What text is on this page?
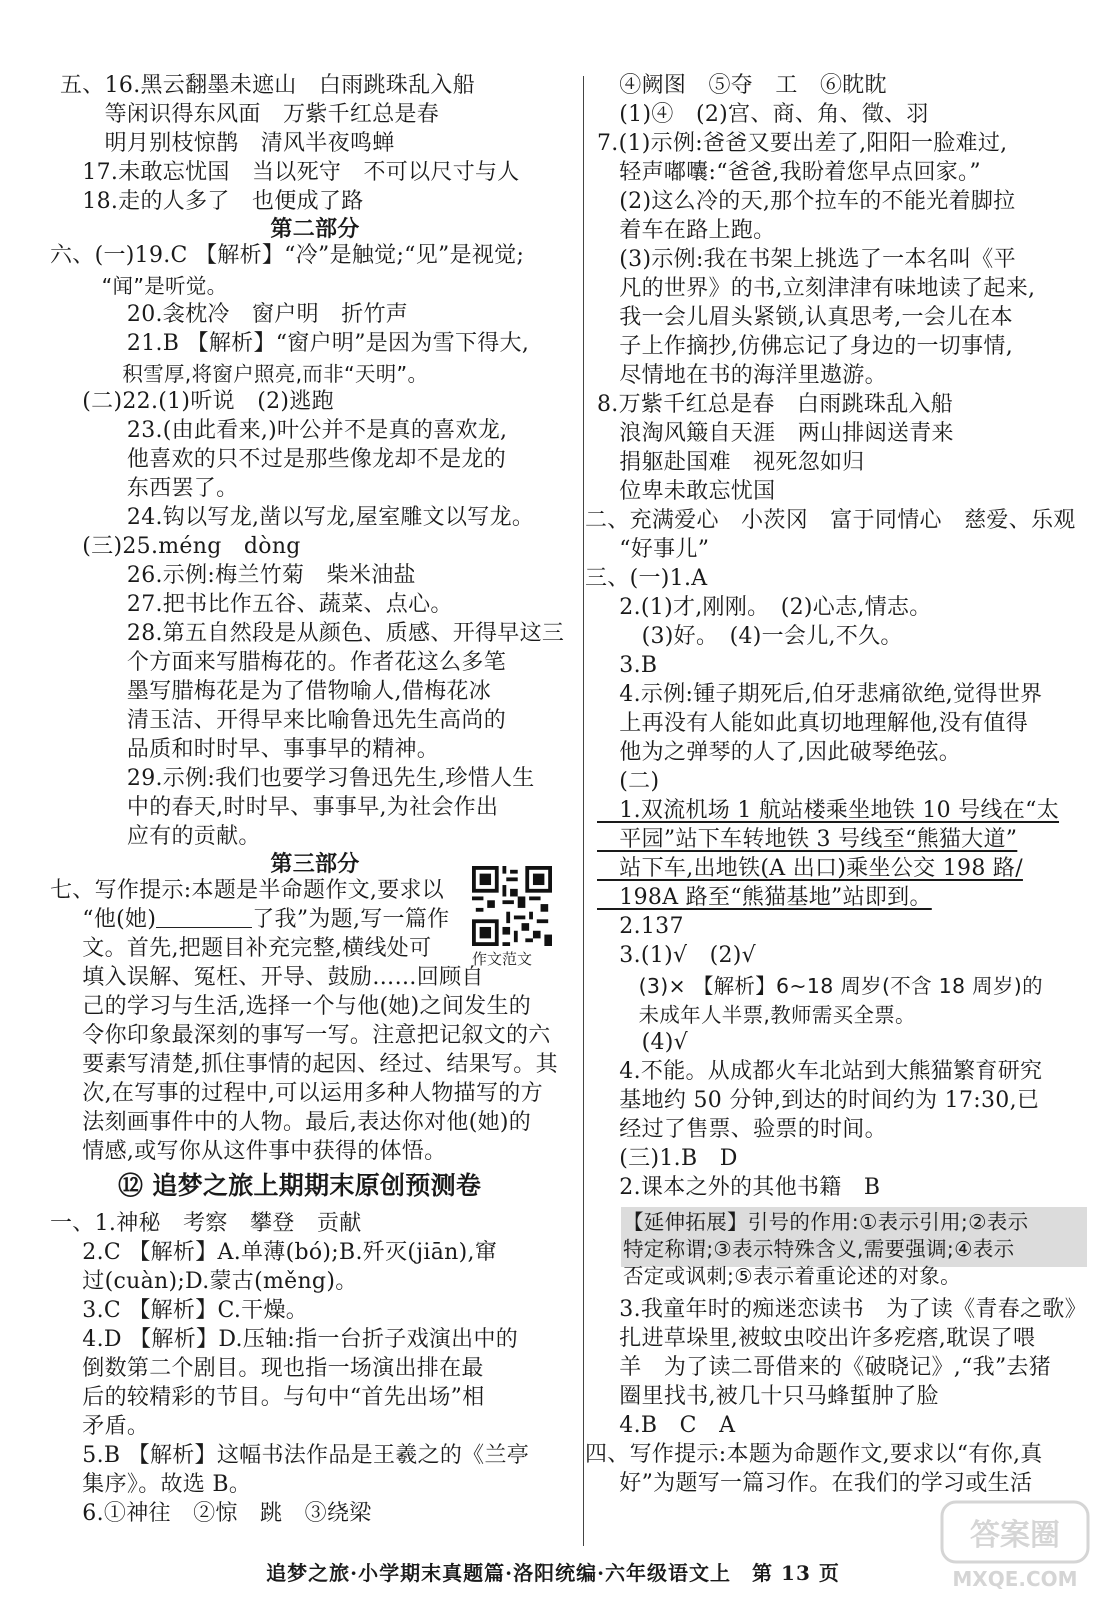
五、16.黑云翻墨未遮山　白雨跳珠乱入船
　　等闲识得东风面　万紫千红总是春
　　明月别枝惊鹊　清风半夜鸣蝉
　17.未敢忘忧国　当以死守　不可以尺寸与人
　18.走的人多了　也便成了路
第二部分
六、(一)19.C 【解析】“冷”是触觉;“见”是视觉;
　　“闻”是听觉。
　　　20.衾枕冷　窗户明　折竹声
　　　21.B 【解析】“窗户明”是因为雪下得大,
　　　积雪厚,将窗户照亮,而非“天明”。
　(二)22.(1)听说　(2)逃跑
　　　23.(由此看来,)叶公并不是真的喜欢龙,
　　　他喜欢的只不过是那些像龙却不是龙的
　　　东西罢了。
　　　24.钩以写龙,凿以写龙,屋室雕文以写龙。
　(三)25.méng　dòng
　　　26.示例:梅兰竹菊　柴米油盐
　　　27.把书比作五谷、蔬菜、点心。
　　　28.第五自然段是从颜色、质感、开得早这三
　　　个方面来写腊梅花的。作者花这么多笔
　　　墨写腊梅花是为了借物喻人,借梅花冰
　　　清玉洁、开得早来比喻鲁迅先生高尚的
　　　品质和时时早、事事早的精神。
　　　29.示例:我们也要学习鲁迅先生,珍惜人生
　　　中的春天,时时早、事事早,为社会作出
　　　应有的贡献。
第三部分
七、写作提示:本题是半命题作文,要求以
　“他(她)	了我”为题,写一篇作
　文。首先,把题目补充完整,横线处可
　填入误解、冤枉、开导、鼓励……回顾自
　己的学习与生活,选择一个与他(她)之间发生的
　令你印象最深刻的事写一写。注意把记叙文的六
　要素写清楚,抓住事情的起因、经过、结果写。其
　次,在写事的过程中,可以运用多种人物描写的方
　法刻画事件中的人物。最后,表达你对他(她)的
　情感,或写你从这件事中获得的体悟。
⑫ 追梦之旅上期期末原创预测卷
一、1.神秘　考察　攀登　贡献
　2.C 【解析】A.单薄(bó);B.歼灭(jiān),窜
　过(cuàn);D.蒙古(měng)。
　3.C 【解析】C.干燥。
　4.D 【解析】D.压轴:指一台折子戏演出中的
　倒数第二个剧目。现也指一场演出排在最
　后的较精彩的节目。与句中“首先出场”相
　矛盾。
　5.B 【解析】这幅书法作品是王羲之的《兰亭
　集序》。故选 B。
　6.①神往　②惊　跳　③绕梁
作文范文
　④阙图　⑤夺　工　⑥眈眈
　(1)④　(2)宫、商、角、徵、羽
7.(1)示例:爸爸又要出差了,阳阳一脸难过,
　轻声嘟囔:“爸爸,我盼着您早点回家。”
　(2)这么冷的天,那个拉车的不能光着脚拉
　着车在路上跑。
　(3)示例:我在书架上挑选了一本名叫《平
　凡的世界》的书,立刻津津有味地读了起来,
　我一会儿眉头紧锁,认真思考,一会儿在本
　子上作摘抄,仿佛忘记了身边的一切事情,
　尽情地在书的海洋里遨游。
8.万紫千红总是春　白雨跳珠乱入船
　浪淘风簸自天涯　两山排闼送青来
　捐躯赴国难　视死忽如归
　位卑未敢忘忧国
二、充满爱心　小茨冈　富于同情心　慈爱、乐观
　“好事儿”
三、(一)1.A
　2.(1)才,刚刚。　(2)心志,情志。
　　(3)好。　(4)一会儿,不久。
　3.B
　4.示例:锺子期死后,伯牙悲痛欲绝,觉得世界
　上再没有人能如此真切地理解他,没有值得
　他为之弹琴的人了,因此破琴绝弦。
　(二)
　1.双流机场 1 航站楼乘坐地铁 10 号线在“太
　平园”站下车转地铁 3 号线至“熊猫大道”
　站下车,出地铁(A 出口)乘坐公交 198 路/
　198A 路至“熊猫基地”站即到。
　2.137
　3.(1)√　(2)√
　　(3)× 【解析】6~18 周岁(不含 18 周岁)的
　　未成年人半票,教师需买全票。
　　(4)√
　4.不能。从成都火车北站到大熊猫繁育研究
　基地约 50 分钟,到达的时间约为 17:30,已
　经过了售票、验票的时间。
　(三)1.B　D
　2.课本之外的其他书籍　B
【延伸拓展】引号的作用:①表示引用;②表示
特定称谓;③表示特殊含义,需要强调;④表示
否定或讽刺;⑤表示着重论述的对象。
　3.我童年时的痴迷恋读书　为了读《青春之歌》
　扎进草垛里,被蚊虫咬出许多疙瘩,耽误了喂
　羊　为了读二哥借来的《破晓记》,“我”去猪
　圈里找书,被几十只马蜂蜇肿了脸
　4.B　C　A
四、写作提示:本题为命题作文,要求以“有你,真
　好”为题写一篇习作。在我们的学习或生活
追梦之旅·小学期末真题篇·洛阳统编·六年级语文上　第 13 页
答案圈
MXQE.COM
